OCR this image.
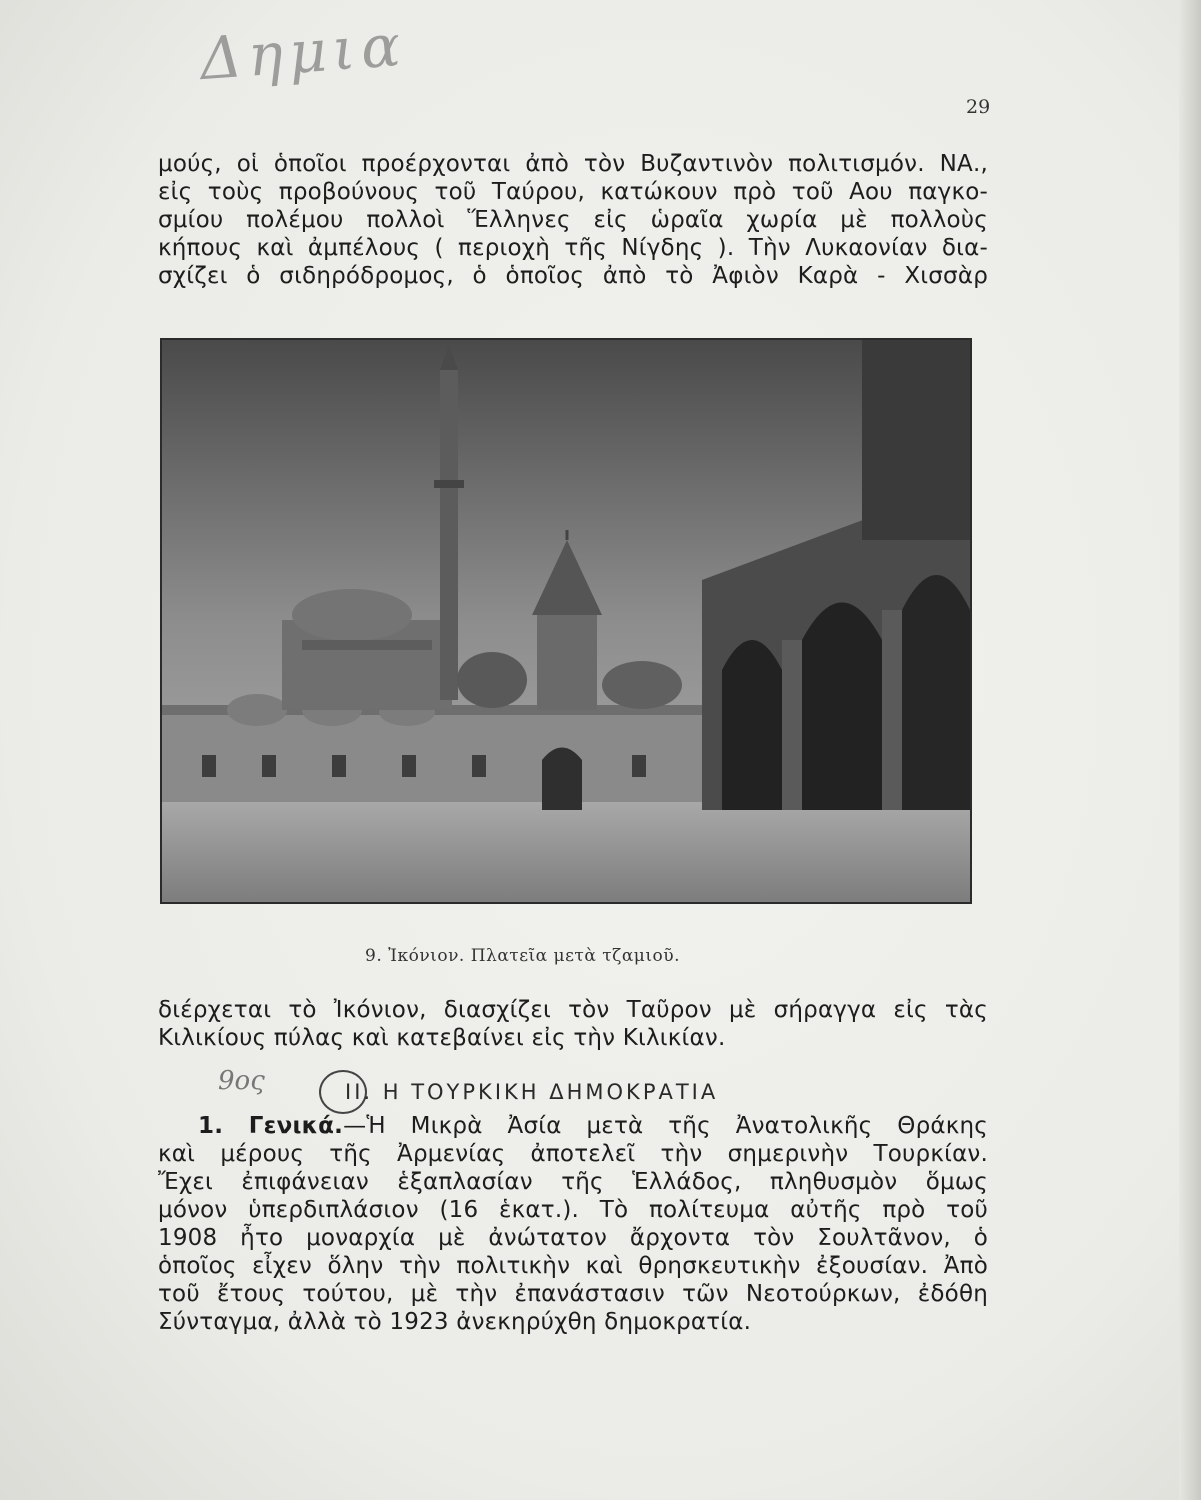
Δημια
29
μούς, οἱ ὁποῖοι προέρχονται ἀπὸ τὸν Βυζαντινὸν πολιτισμόν. ΝΑ.,
εἰς τοὺς προβούνους τοῦ Ταύρου, κατώκουν πρὸ τοῦ Αου παγκο-
σμίου πολέμου πολλοὶ Ἕλληνες εἰς ὡραῖα χωρία μὲ πολλοὺς
κήπους καὶ ἀμπέλους ( περιοχὴ τῆς Νίγδης ). Τὴν Λυκαονίαν δια-
σχίζει ὁ σιδηρόδρομος, ὁ ὁποῖος ἀπὸ τὸ Ἀφιὸν Καρὰ - Χισσὰρ
9. Ἰκόνιον. Πλατεῖα μετὰ τζαμιοῦ.
διέρχεται τὸ Ἰκόνιον, διασχίζει τὸν Ταῦρον μὲ σήραγγα εἰς τὰς
Κιλικίους πύλας καὶ κατεβαίνει εἰς τὴν Κιλικίαν.
9ος	II. Η ΤΟΥΡΚΙΚΗ ΔΗΜΟΚΡΑΤΙΑ
1. Γενικά.—Ἡ Μικρὰ Ἀσία μετὰ τῆς Ἀνατολικῆς Θράκης
καὶ μέρους τῆς Ἀρμενίας ἀποτελεῖ τὴν σημερινὴν Τουρκίαν.
Ἔχει ἐπιφάνειαν ἑξαπλασίαν τῆς Ἑλλάδος, πληθυσμὸν ὅμως
μόνον ὑπερδιπλάσιον (16 ἑκατ.). Τὸ πολίτευμα αὐτῆς πρὸ τοῦ
1908 ἦτο μοναρχία μὲ ἀνώτατον ἄρχοντα τὸν Σουλτᾶνον, ὁ
ὁποῖος εἶχεν ὅλην τὴν πολιτικὴν καὶ θρησκευτικὴν ἐξουσίαν. Ἀπὸ
τοῦ ἔτους τούτου, μὲ τὴν ἐπανάστασιν τῶν Νεοτούρκων, ἐδόθη
Σύνταγμα, ἀλλὰ τὸ 1923 ἀνεκηρύχθη δημοκρατία.
